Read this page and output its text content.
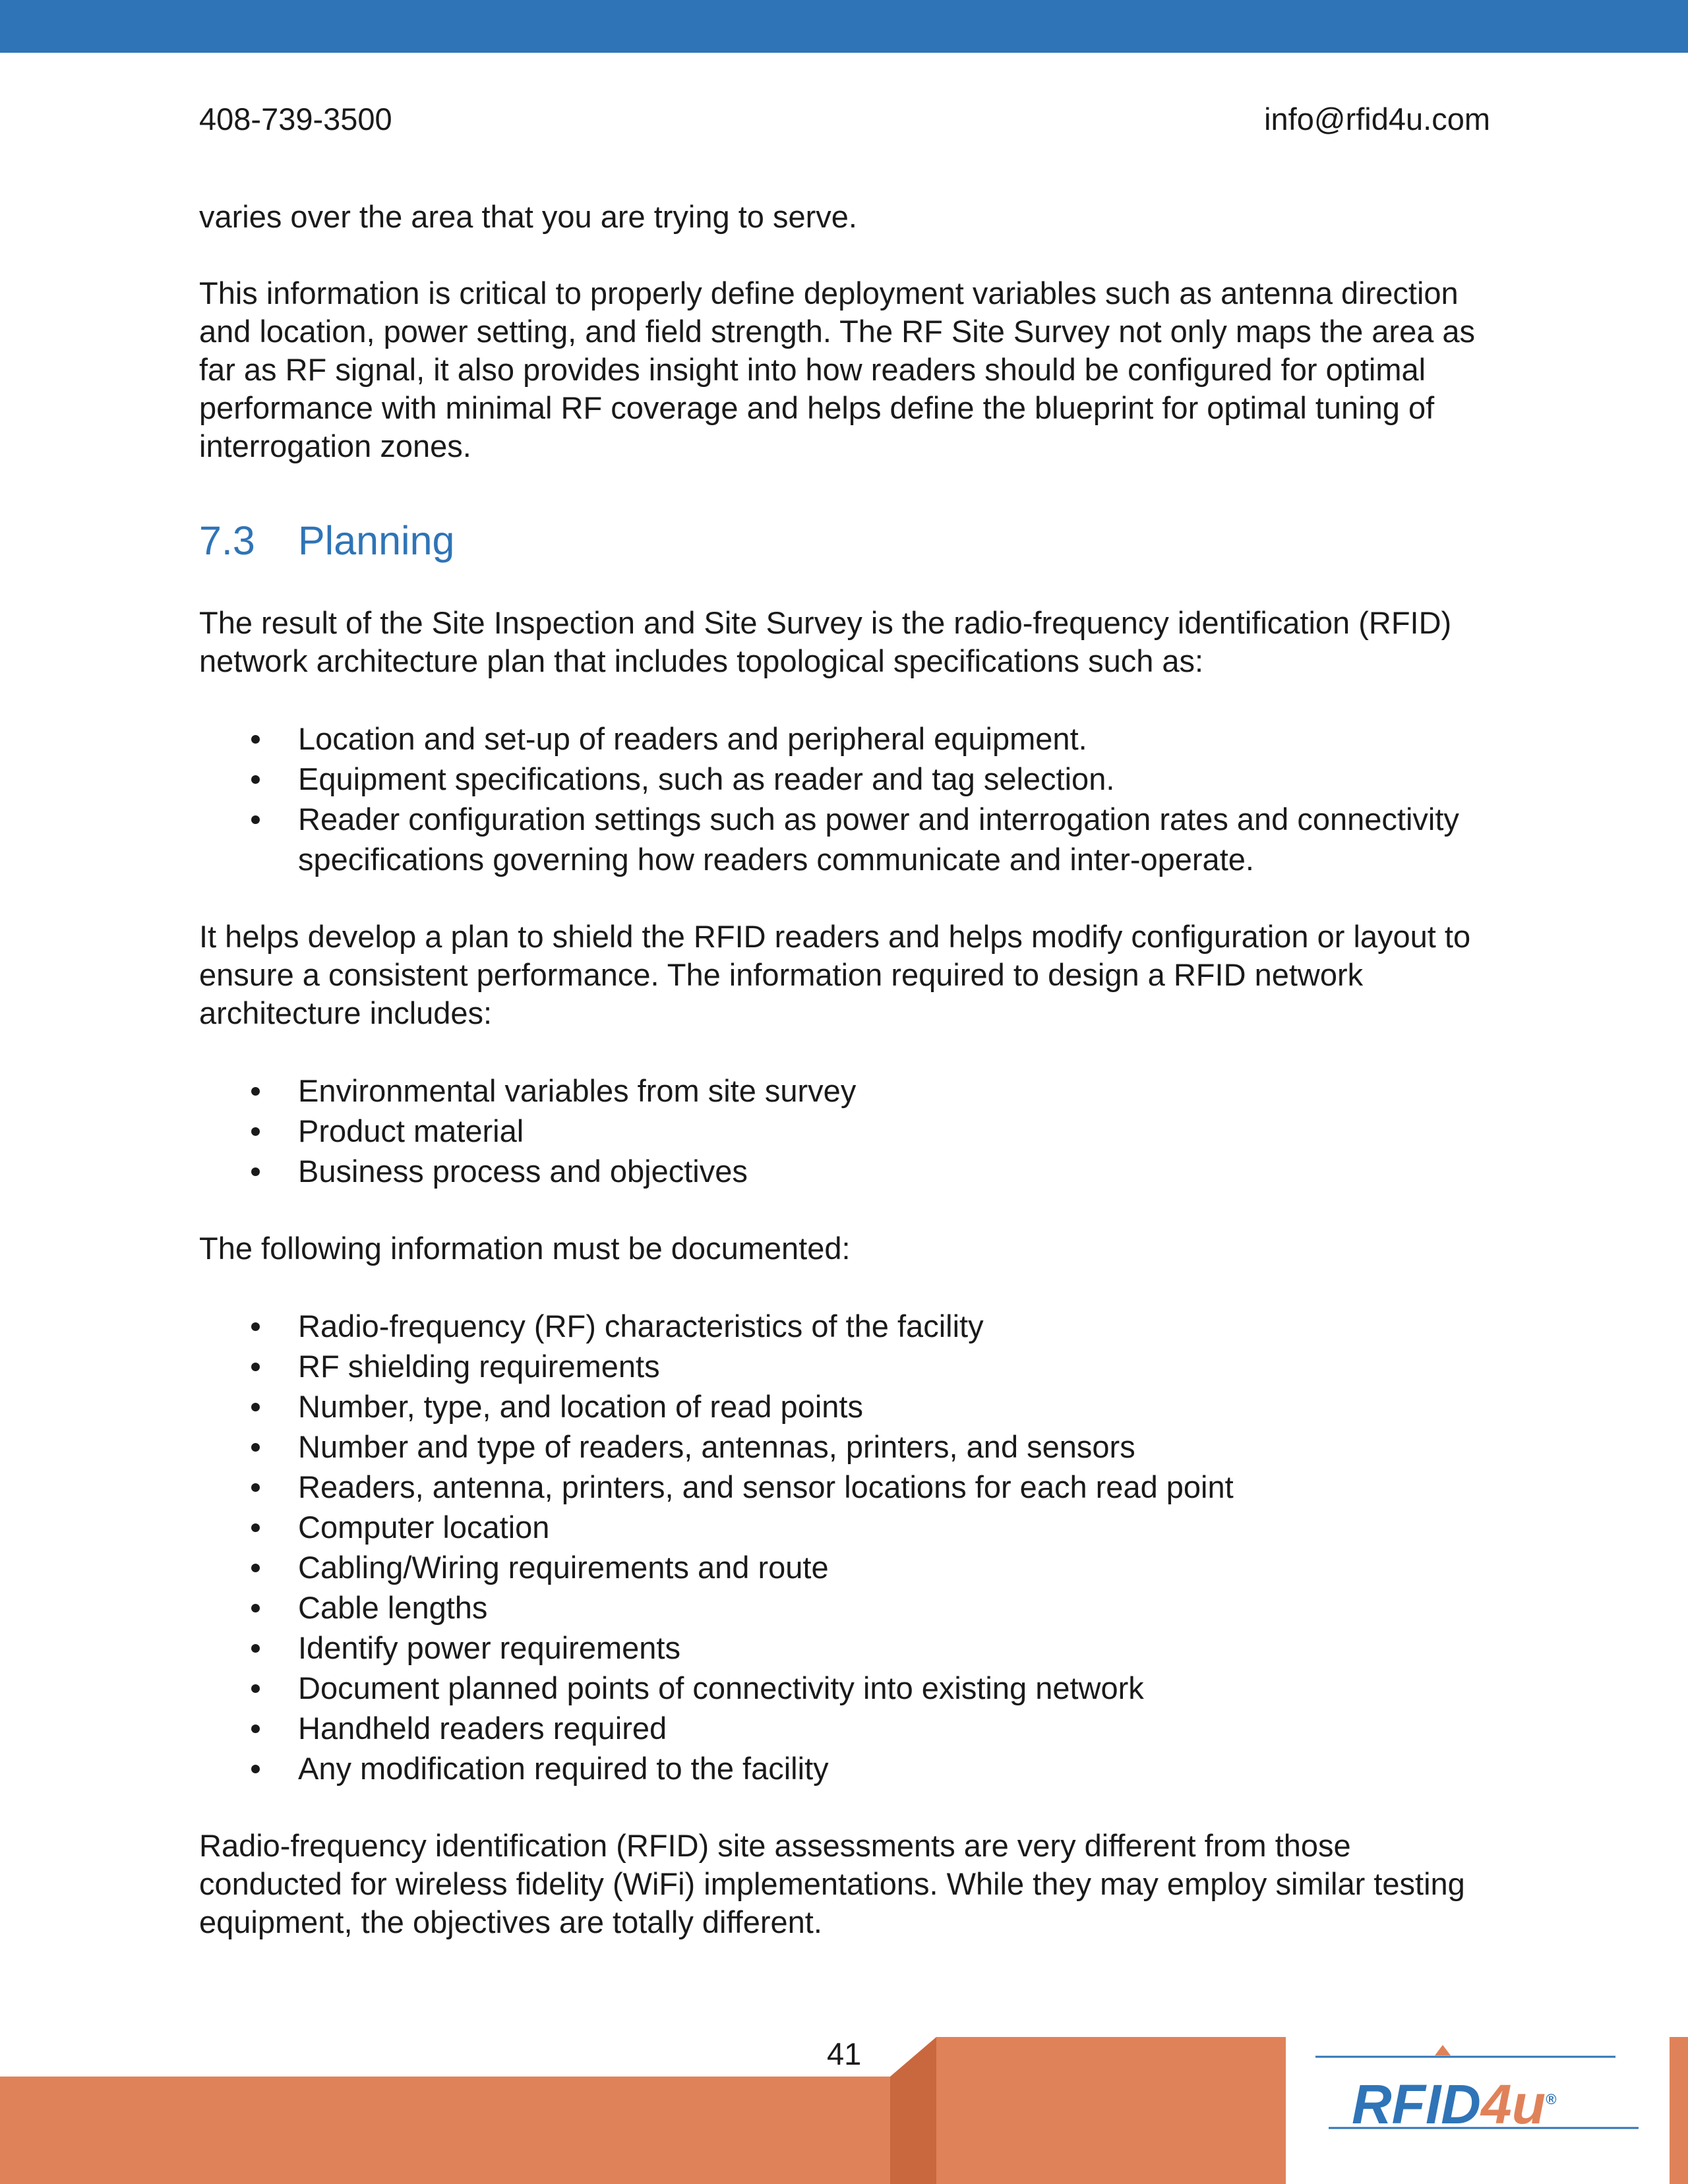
408-739-3500	info@rfid4u.com

varies over the area that you are trying to serve.

This information is critical to properly define deployment variables such as antenna direction and location, power setting, and field strength. The RF Site Survey not only maps the area as far as RF signal, it also provides insight into how readers should be configured for optimal performance with minimal RF coverage and helps define the blueprint for optimal tuning of interrogation zones.

7.3 Planning

The result of the Site Inspection and Site Survey is the radio-frequency identification (RFID) network architecture plan that includes topological specifications such as:

Location and set-up of readers and peripheral equipment.
Equipment specifications, such as reader and tag selection.
Reader configuration settings such as power and interrogation rates and connectivity specifications governing how readers communicate and inter-operate.

It helps develop a plan to shield the RFID readers and helps modify configuration or layout to ensure a consistent performance. The information required to design a RFID network architecture includes:

Environmental variables from site survey
Product material
Business process and objectives

The following information must be documented:

Radio-frequency (RF) characteristics of the facility
RF shielding requirements
Number, type, and location of read points
Number and type of readers, antennas, printers, and sensors
Readers, antenna, printers, and sensor locations for each read point
Computer location
Cabling/Wiring requirements and route
Cable lengths
Identify power requirements
Document planned points of connectivity into existing network
Handheld readers required
Any modification required to the facility

Radio-frequency identification (RFID) site assessments are very different from those conducted for wireless fidelity (WiFi) implementations. While they may employ similar testing equipment, the objectives are totally different.

41
RFID4u®
